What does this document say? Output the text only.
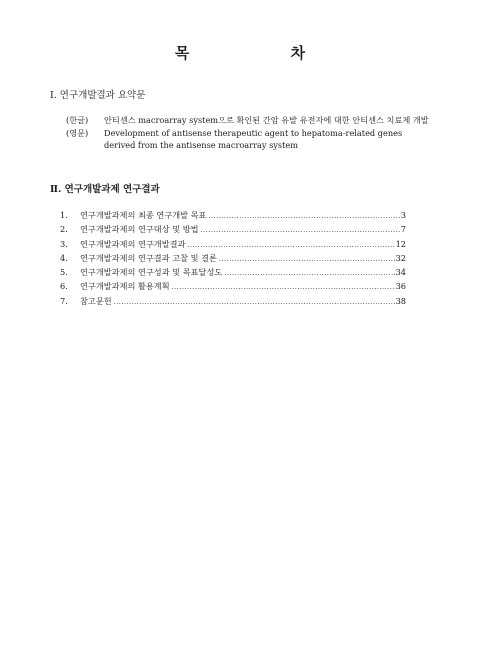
목 차
Ⅰ. 연구개발결과 요약문
(한글) 안티센스 macroarray system으로 확인된 간암 유발 유전자에 대한 안티센스 치료제 개발
(영문) Development of antisense therapeutic agent to hepatoma-related genes derived from the antisense macroarray system
Ⅱ. 연구개발과제 연구결과
1.	연구개발과제의 최종 연구개발 목표 .....	3
2.	연구개발과제의 연구대상 및 방법 .....	7
3.	연구개발과제의 연구개발결과 .....	12
4.	연구개발과제의 연구결과 고찰 및 결론 .....	32
5.	연구개발과제의 연구성과 및 목표달성도 .....	34
6.	연구개발과제의 활용계획 .....	36
7.	참고문헌 .....	38
